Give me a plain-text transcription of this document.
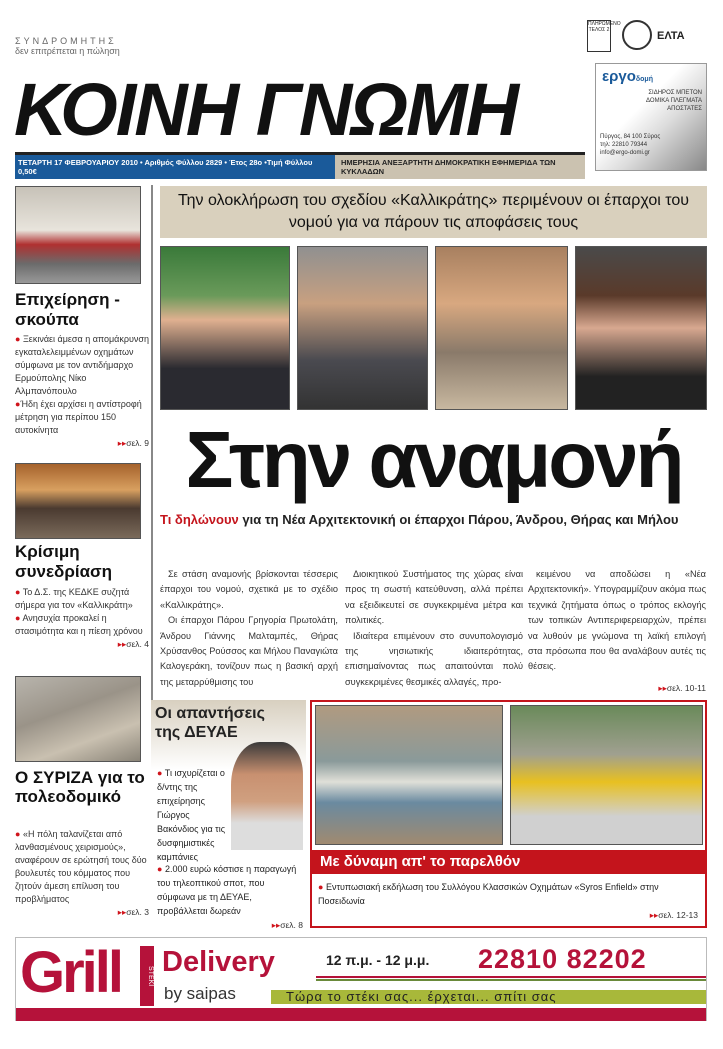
ΣΥΝΔΡΟΜΗΤΗΣ
δεν επιτρέπεται η πώληση
ΠΛΗΡΩΜΕΝΟ ΤΕΛΟΣ 2	ΕΛΤΑ
ΚΟΙΝΗ ΓΝΩΜΗ
ΤΕΤΑΡΤΗ 17 ΦΕΒΡΟΥΑΡΙΟΥ 2010 • Αριθμός Φύλλου 2829 • Έτος 28ο •Τιμή Φύλλου 0,50€
ΗΜΕΡΗΣΙΑ ΑΝΕΞΑΡΤΗΤΗ ΔΗΜΟΚΡΑΤΙΚΗ ΕΦΗΜΕΡΙΔΑ ΤΩΝ ΚΥΚΛΑΔΩΝ
εργοδομή
ΣΙΔΗΡΟΣ ΜΠΕΤΟΝ
ΔΟΜΙΚΑ ΠΛΕΓΜΑΤΑ
ΑΠΟΣΤΑΤΕΣ
Πύργος, 84 100 Σύρος
τηλ: 22810 79344
info@ergo-domi.gr
Επιχείρηση - σκούπα
● Ξεκινάει άμεσα η απομάκρυνση εγκαταλελειμμένων οχημάτων σύμφωνα με τον αντιδήμαρχο Ερμούπολης Νίκο Αλμπανόπουλο
●Ήδη έχει αρχίσει η αντίστροφή μέτρηση για περίπου 150 αυτοκίνητα
▸▸σελ. 9
Κρίσιμη συνεδρίαση
● Το Δ.Σ. της ΚΕΔΚΕ συζητά σήμερα για τον «Καλλικράτη»
● Ανησυχία προκαλεί η στασιμότητα και η πίεση χρόνου
▸▸σελ. 4
Ο ΣΥΡΙΖΑ για το πολεοδομικό
● «Η πόλη ταλανίζεται από λανθασμένους χειρισμούς», αναφέρουν σε ερώτησή τους δύο βουλευτές του κόμματος που ζητούν άμεση επίλυση του προβλήματος
▸▸σελ. 3
Την ολοκλήρωση του σχεδίου «Καλλικράτης» περιμένουν οι έπαρχοι του νομού για να πάρουν τις αποφάσεις τους
Στην αναμονή
Τι δηλώνουν για τη Νέα Αρχιτεκτονική οι έπαρχοι Πάρου, Άνδρου, Θήρας και Μήλου

Σε στάση αναμονής βρίσκονται τέσσερις έπαρχοι του νομού, σχετικά με το σχέδιο «Καλλικράτης».

Οι έπαρχοι Πάρου Γρηγορία Πρωτολάτη, Άνδρου Γιάννης Μαλταμπές, Θήρας Χρύσανθος Ρούσσος και Μήλου Παναγιώτα Καλογεράκη, τονίζουν πως η βασική αρχή της μεταρρύθμισης του

Διοικητικού Συστήματος της χώρας είναι προς τη σωστή κατεύθυνση, αλλά πρέπει να εξειδικευτεί σε συγκεκριμένα μέτρα και πολιτικές.

Ιδιαίτερα επιμένουν στο συνυπολογισμό της νησιωτικής ιδιαιτερότητας, επισημαίνοντας πως απαιτούνται πολύ συγκεκριμένες θεσμικές αλλαγές, προ-

κειμένου να αποδώσει η «Νέα Αρχιτεκτονική». Υπογραμμίζουν ακόμα πως τεχνικά ζητήματα όπως ο τρόπος εκλογής των τοπικών Αντιπεριφερειαρχών, πρέπει να λυθούν με γνώμονα τη λαϊκή επιλογή στα πρόσωπα που θα αναλάβουν αυτές τις θέσεις.

▸▸σελ. 10-11
Οι απαντήσεις της ΔΕΥΑΕ
● Τι ισχυρίζεται ο δ/ντης της επιχείρησης Γιώργος Βακόνδιος για τις δυσφημιστικές καμπάνιες
● 2.000 ευρώ κόστισε η παραγωγή του τηλεοπτικού σποτ, που σύμφωνα με τη ΔΕΥΑΕ, προβάλλεται δωρεάν
▸▸σελ. 8
Με δύναμη απ' το παρελθόν
● Εντυπωσιακή εκδήλωση του Συλλόγου Κλασσικών Οχημάτων «Syros Enfield» στην Ποσειδωνία
▸▸σελ. 12-13
Grill	STEKI Delivery
by saipas
12 π.μ. - 12 μ.μ. 22810 82202
Τώρα το στέκι σας... έρχεται... σπίτι σας
